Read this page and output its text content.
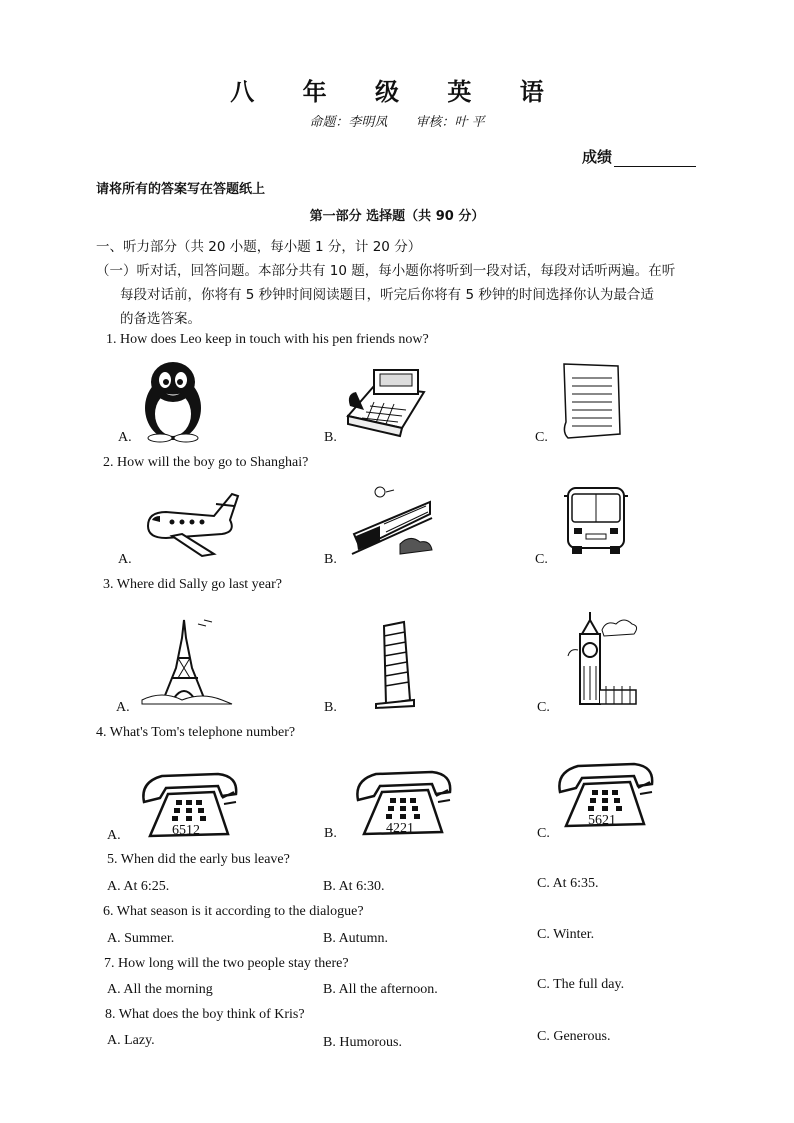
八 年 级 英 语
命题：李明凤 审核：叶 平
成绩
请将所有的答案写在答题纸上
第一部分 选择题（共 90 分）
一、听力部分（共 20 小题，每小题 1 分，计 20 分）
（一）听对话，回答问题。本部分共有 10 题，每小题你将听到一段对话，每段对话听两遍。在听
每段对话前，你将有 5 秒钟时间阅读题目，听完后你将有 5 秒钟的时间选择你认为最合适
的备选答案。
1. How does Leo keep in touch with his pen friends now?
A.	B.	C.
2. How will the boy go to Shanghai?
A.	B.	C.
3. Where did Sally go last year?
A.	B.	C.
4. What's Tom's telephone number?
A.	B.	C.
6512	4221
5621
5. When did the early bus leave?
A. At 6:25.	B. At 6:30.	C. At 6:35.
6. What season is it according to the dialogue?
A. Summer.	B. Autumn.	C. Winter.
7. How long will the two people stay there?
A. All the morning	B. All the afternoon.	C. The full day.
8. What does the boy think of Kris?
A. Lazy.	B. Humorous.	C. Generous.
